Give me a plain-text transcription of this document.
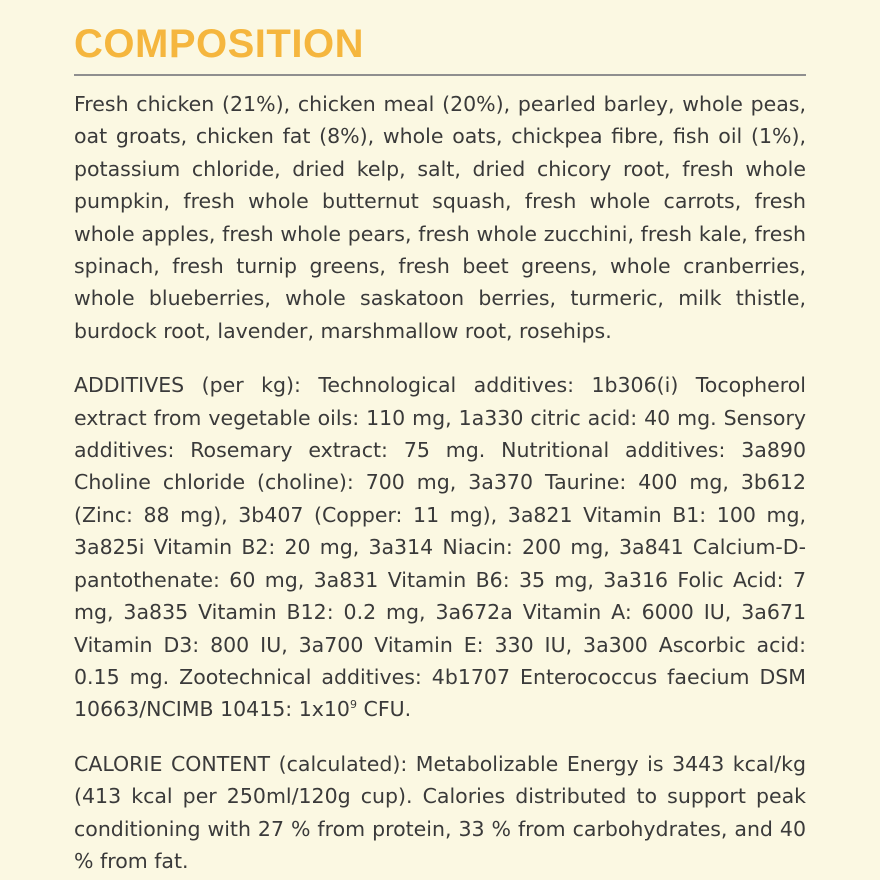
COMPOSITION

Fresh chicken (21%), chicken meal (20%), pearled barley, whole peas, oat groats, chicken fat (8%), whole oats, chickpea fibre, fish oil (1%), potassium chloride, dried kelp, salt, dried chicory root, fresh whole pumpkin, fresh whole butternut squash, fresh whole carrots, fresh whole apples, fresh whole pears, fresh whole zucchini, fresh kale, fresh spinach, fresh turnip greens, fresh beet greens, whole cranberries, whole blueberries, whole saskatoon berries, turmeric, milk thistle, burdock root, lavender, marshmallow root, rosehips.

ADDITIVES (per kg): Technological additives: 1b306(i) Tocopherol extract from vegetable oils: 110 mg, 1a330 citric acid: 40 mg. Sensory additives: Rosemary extract: 75 mg. Nutritional additives: 3a890 Choline chloride (choline): 700 mg, 3a370 Taurine: 400 mg, 3b612 (Zinc: 88 mg), 3b407 (Copper: 11 mg), 3a821 Vitamin B1: 100 mg, 3a825i Vitamin B2: 20 mg, 3a314 Niacin: 200 mg, 3a841 Calcium-D-pantothenate: 60 mg, 3a831 Vitamin B6: 35 mg, 3a316 Folic Acid: 7 mg, 3a835 Vitamin B12: 0.2 mg, 3a672a Vitamin A: 6000 IU, 3a671 Vitamin D3: 800 IU, 3a700 Vitamin E: 330 IU, 3a300 Ascorbic acid: 0.15 mg. Zootechnical additives: 4b1707 Enterococcus faecium DSM 10663/NCIMB 10415: $1x10^9$ CFU.

CALORIE CONTENT (calculated): Metabolizable Energy is 3443 kcal/kg (413 kcal per 250ml/120g cup). Calories distributed to support peak conditioning with 27 % from protein, 33 % from carbohydrates, and 40 % from fat.
